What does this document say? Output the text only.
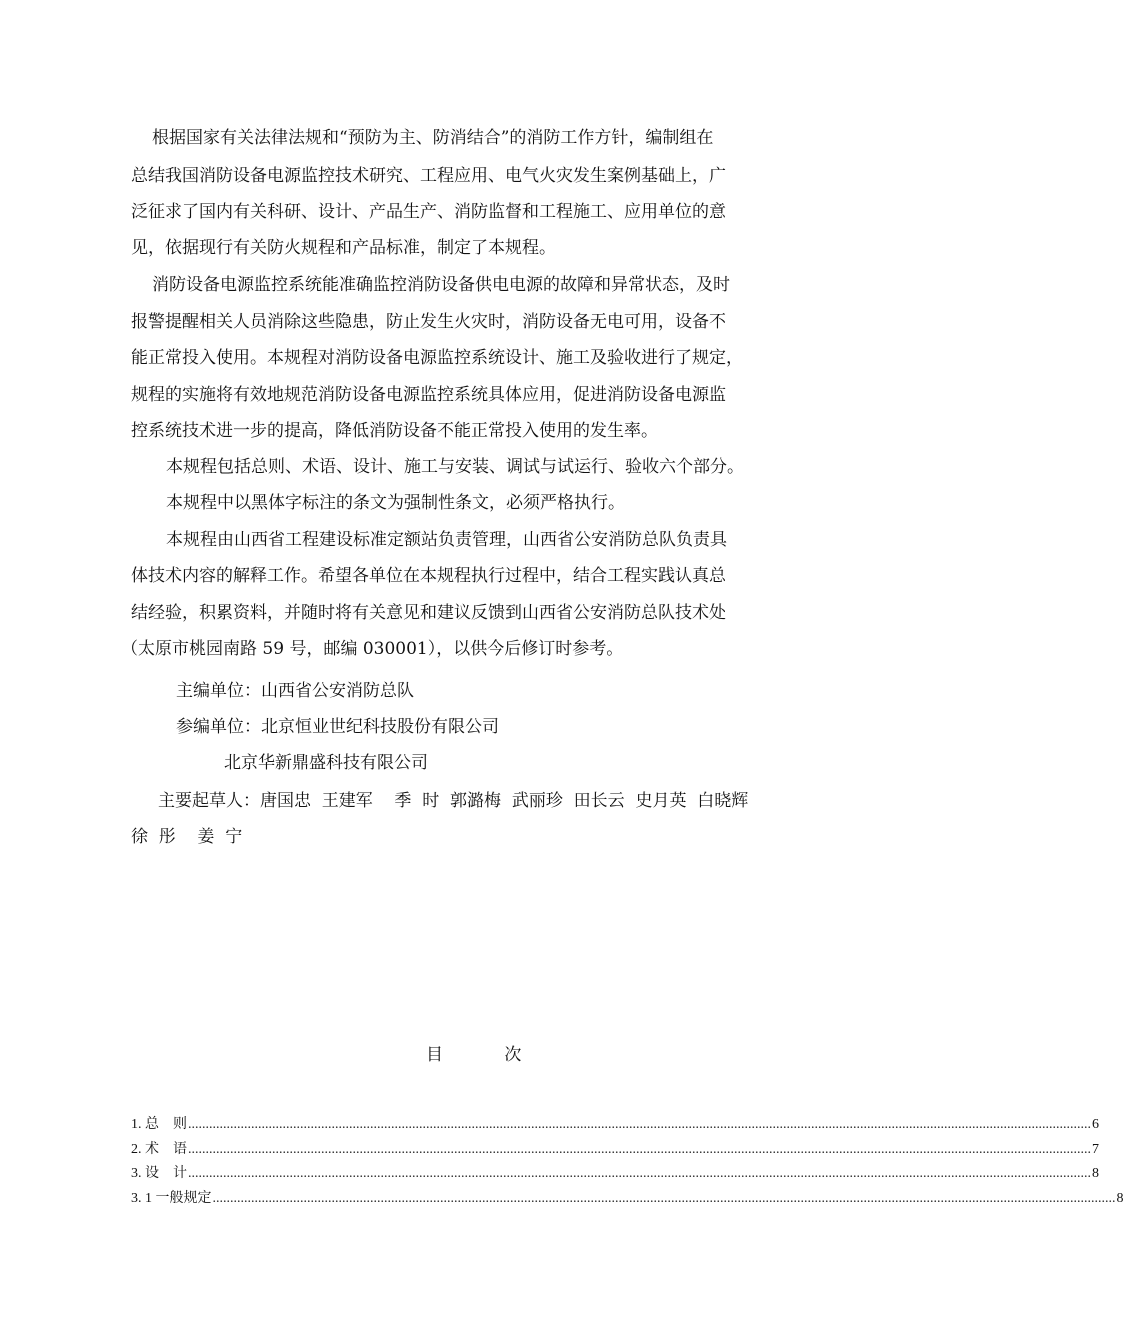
根据国家有关法律法规和“预防为主、防消结合”的消防工作方针，编制组在

总结我国消防设备电源监控技术研究、工程应用、电气火灾发生案例基础上，广

泛征求了国内有关科研、设计、产品生产、消防监督和工程施工、应用单位的意

见，依据现行有关防火规程和产品标准，制定了本规程。

消防设备电源监控系统能准确监控消防设备供电电源的故障和异常状态，及时

报警提醒相关人员消除这些隐患，防止发生火灾时，消防设备无电可用，设备不

能正常投入使用。本规程对消防设备电源监控系统设计、施工及验收进行了规定，

规程的实施将有效地规范消防设备电源监控系统具体应用，促进消防设备电源监

控系统技术进一步的提高，降低消防设备不能正常投入使用的发生率。

本规程包括总则、术语、设计、施工与安装、调试与试运行、验收六个部分。

本规程中以黑体字标注的条文为强制性条文，必须严格执行。

本规程由山西省工程建设标准定额站负责管理，山西省公安消防总队负责具

体技术内容的解释工作。希望各单位在本规程执行过程中，结合工程实践认真总

结经验，积累资料，并随时将有关意见和建议反馈到山西省公安消防总队技术处

（太原市桃园南路 59 号，邮编 030001），以供今后修订时参考。

主编单位：山西省公安消防总队

参编单位：北京恒业世纪科技股份有限公司

北京华新鼎盛科技有限公司

主要起草人：唐国忠  王建军    季  时  郭潞梅  武丽珍  田长云  史月英  白晓辉

徐  彤    姜  宁

目	次
1. 总    则 .................................................................................................................................................................................................................................................................. 6
2. 术    语 .................................................................................................................................................................................................................................................................. 7
3. 设    计 .................................................................................................................................................................................................................................................................. 8
3. 1 一般规定 .................................................................................................................................................................................................................................................................. 8
